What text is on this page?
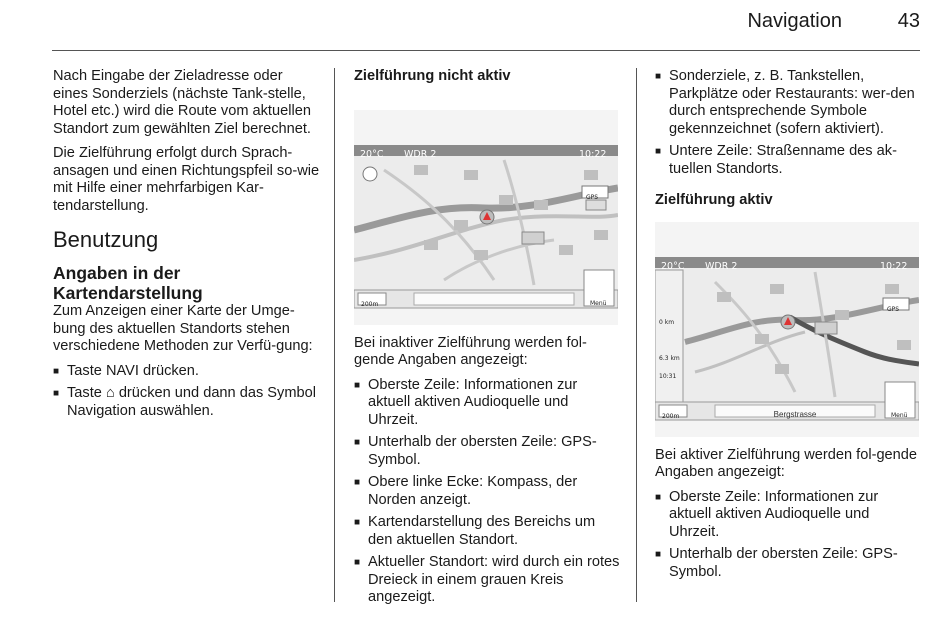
Navigation	43

Nach Eingabe der Zieladresse oder eines Sonderziels (nächste Tank-stelle, Hotel etc.) wird die Route vom aktuellen Standort zum gewählten Ziel berechnet.

Die Zielführung erfolgt durch Sprach-ansagen und einen Richtungspfeil so-wie mit Hilfe einer mehrfarbigen Kar-tendarstellung.

Benutzung
Angaben in der Kartendarstellung

Zum Anzeigen einer Karte der Umge-bung des aktuellen Standorts stehen verschiedene Methoden zur Verfü-gung:

■ Taste NAVI drücken.
■ Taste ⌂ drücken und dann das Symbol Navigation auswählen.
Zielführung nicht aktiv
20°C WDR 2	10:22
GPS
200m	Menü

Bei inaktiver Zielführung werden fol-gende Angaben angezeigt:

■ Oberste Zeile: Informationen zur aktuell aktiven Audioquelle und Uhrzeit.
■ Unterhalb der obersten Zeile: GPS-
Symbol.
■ Obere linke Ecke: Kompass, der Norden anzeigt.
■ Kartendarstellung des Bereichs um den aktuellen Standort.
■ Aktueller Standort: wird durch ein rotes Dreieck in einem grauen Kreis angezeigt.
■ Sonderziele, z. B. Tankstellen, Parkplätze oder Restaurants: wer-den durch entsprechende Symbole gekennzeichnet (sofern aktiviert).
■ Untere Zeile: Straßenname des ak-tuellen Standorts.
Zielführung aktiv
20°C WDR 2	10:22
GPS
0 km
6.3 km
10:31
200m	Bergstrasse	Menü

Bei aktiver Zielführung werden fol-gende Angaben angezeigt:

■ Oberste Zeile: Informationen zur aktuell aktiven Audioquelle und Uhrzeit.
■ Unterhalb der obersten Zeile: GPS-
Symbol.
